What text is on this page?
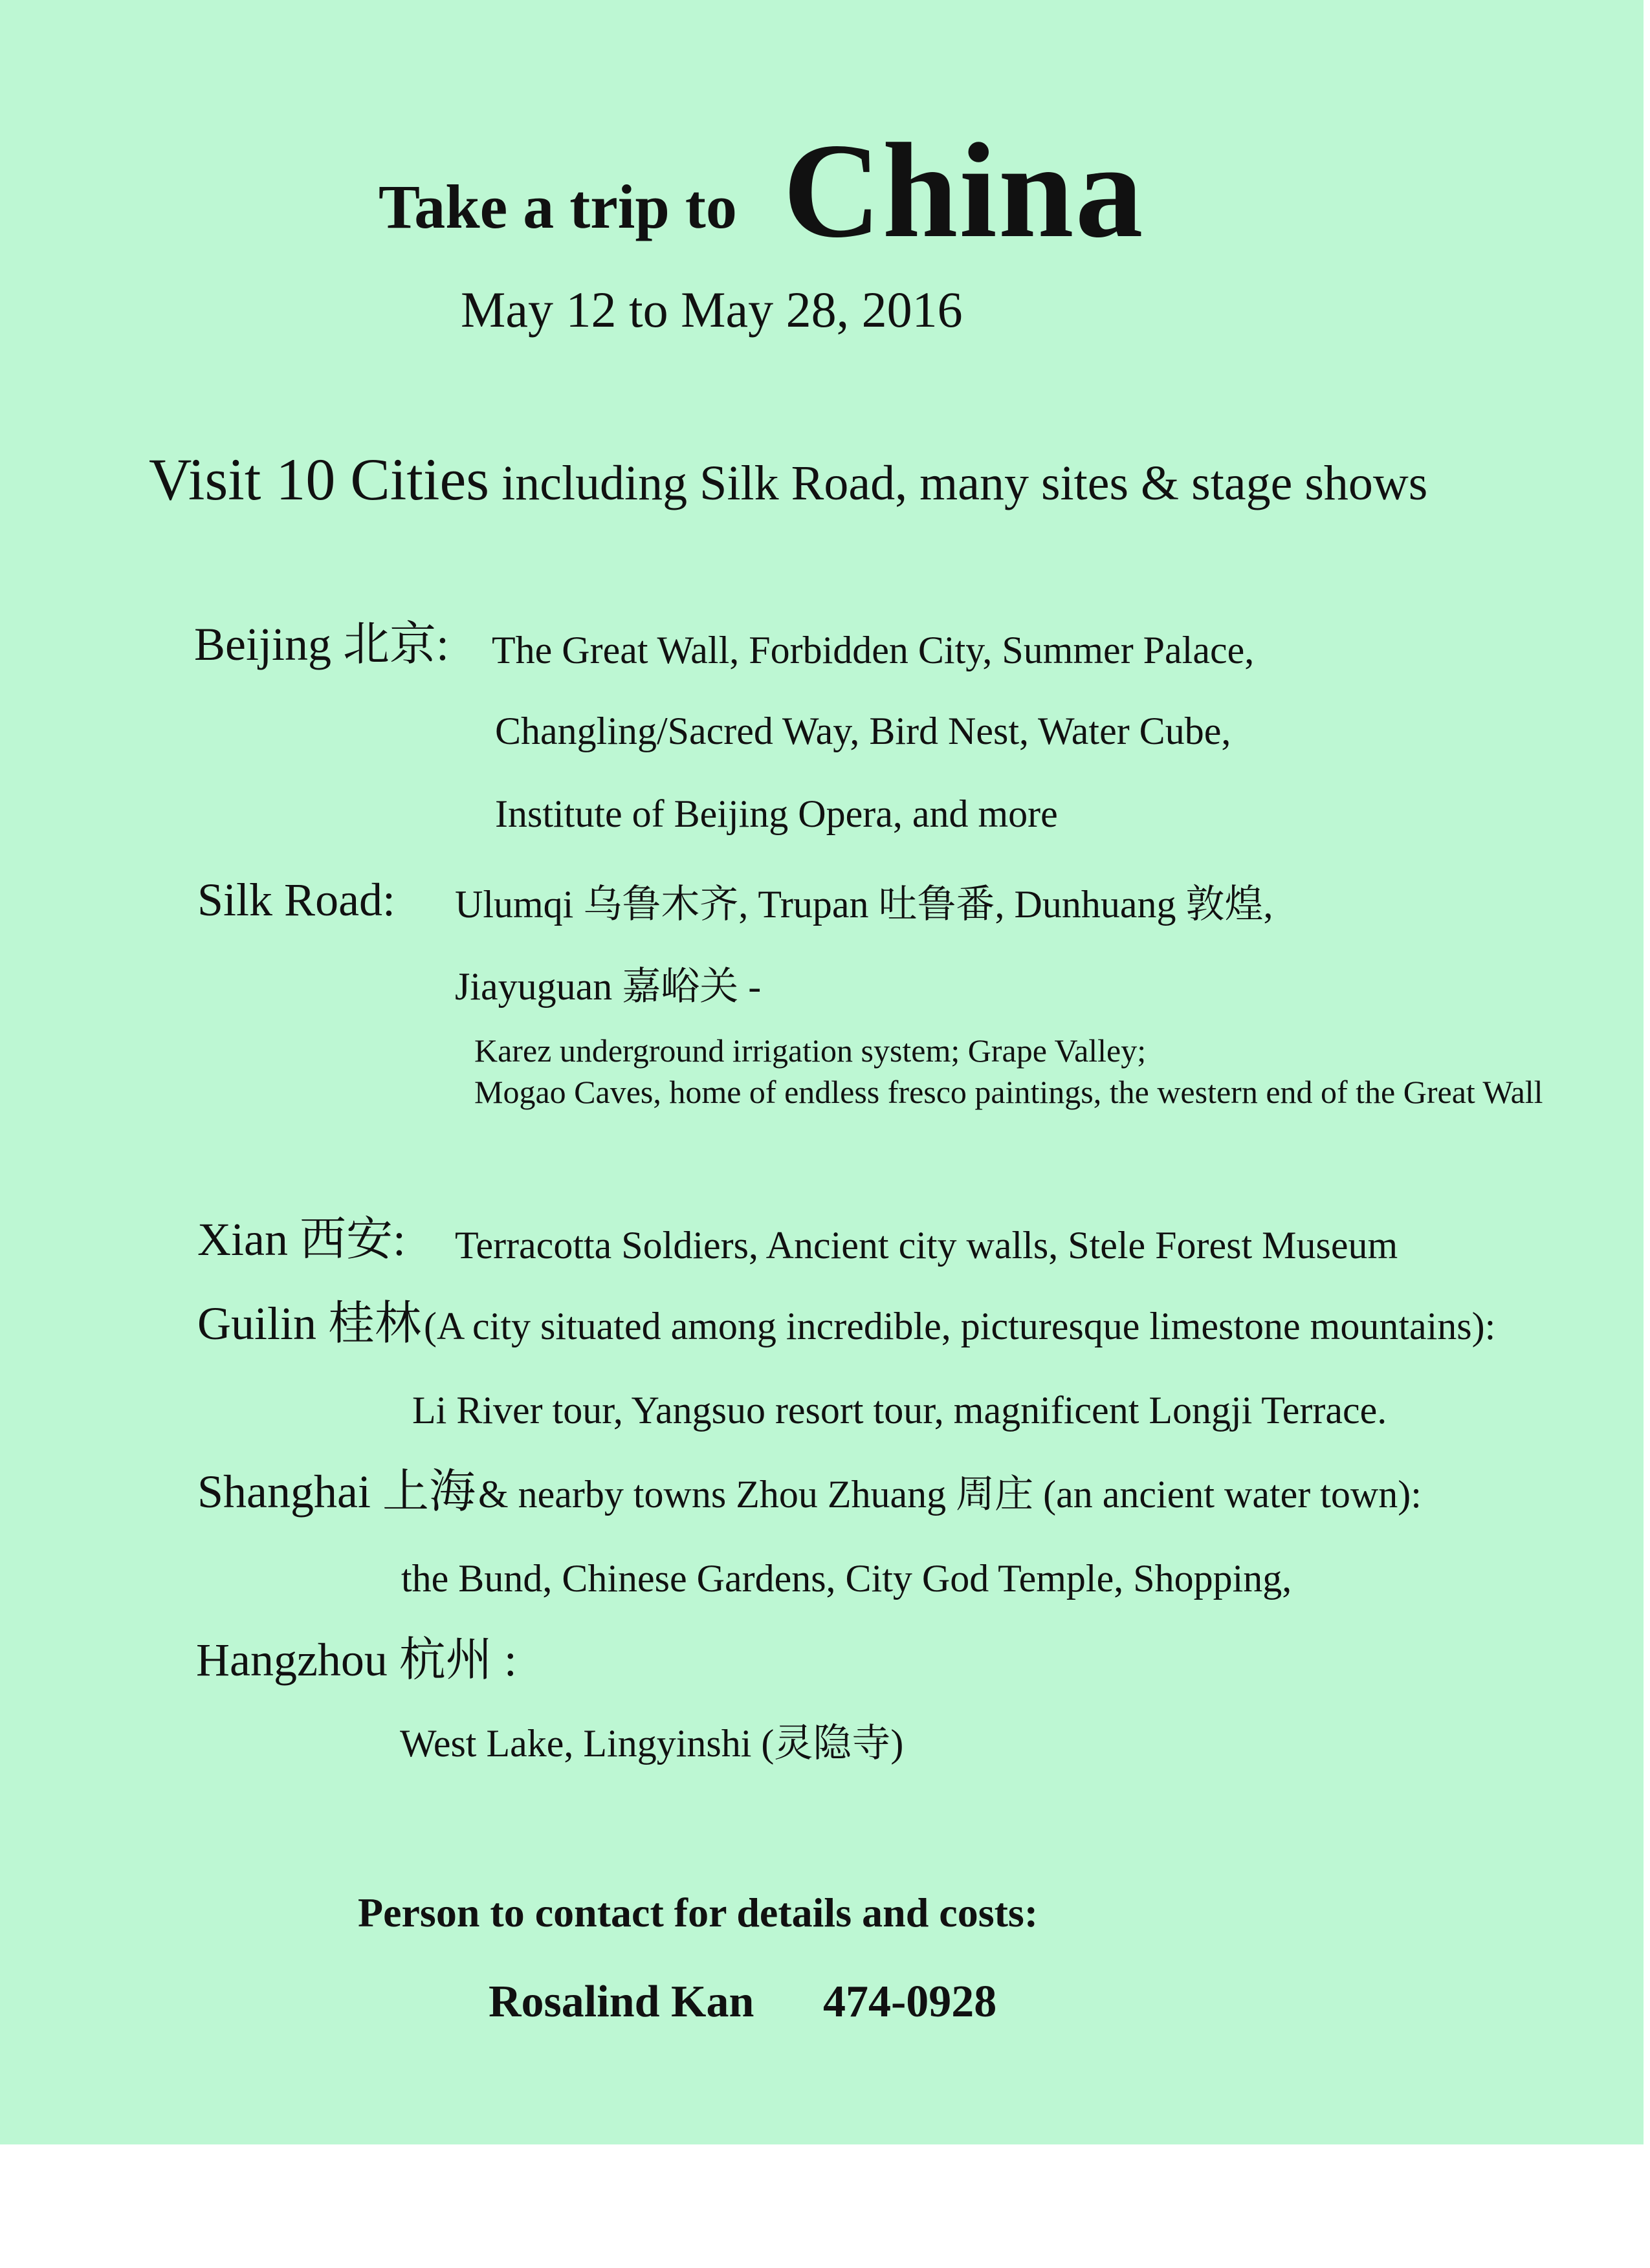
Take a trip to China
May 12 to May 28, 2016
Visit 10 Cities including Silk Road, many sites & stage shows
Beijing 北京: The Great Wall, Forbidden City, Summer Palace,
Changling/Sacred Way, Bird Nest, Water Cube,
Institute of Beijing Opera, and more
Silk Road: Ulumqi 乌鲁木齐, Trupan 吐鲁番, Dunhuang 敦煌,
Jiayuguan 嘉峪关 -
Karez underground irrigation system; Grape Valley;
Mogao Caves, home of endless fresco paintings, the western end of the Great Wall
Xian 西安: Terracotta Soldiers, Ancient city walls, Stele Forest Museum
Guilin 桂林 (A city situated among incredible, picturesque limestone mountains):
Li River tour, Yangsuo resort tour, magnificent Longji Terrace.
Shanghai 上海 & nearby towns Zhou Zhuang 周庄 (an ancient water town):
the Bund, Chinese Gardens, City God Temple, Shopping,
Hangzhou 杭州 :
West Lake, Lingyinshi (灵隐寺)
Person to contact for details and costs:
Rosalind Kan 474-0928
